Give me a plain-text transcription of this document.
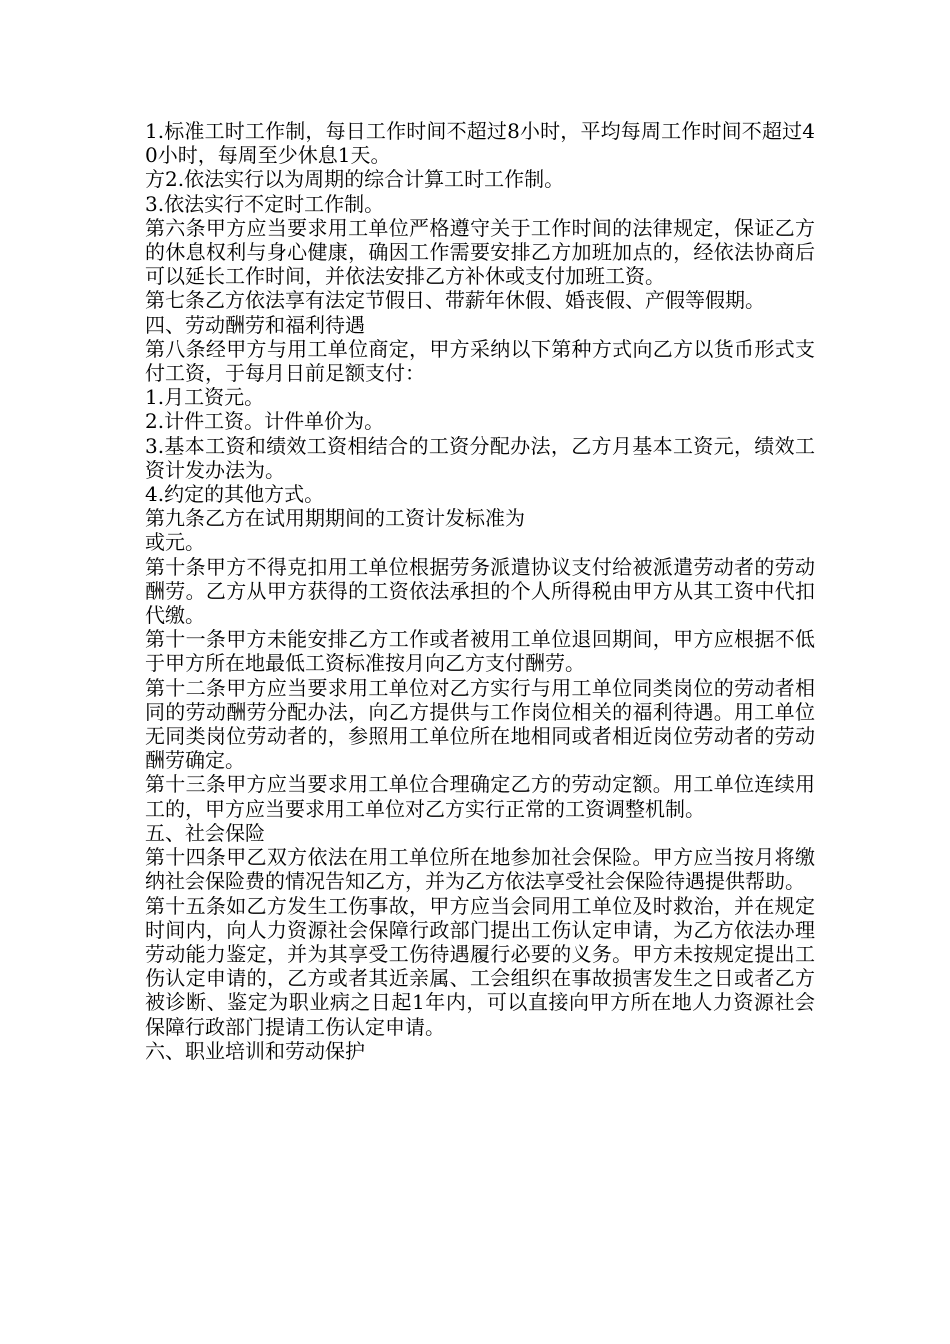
1.标准工时工作制，每日工作时间不超过8小时，平均每周工作时间不超过40小时，每周至少休息1天。

方2.依法实行以为周期的综合计算工时工作制。

3.依法实行不定时工作制。

第六条甲方应当要求用工单位严格遵守关于工作时间的法律规定，保证乙方的休息权利与身心健康，确因工作需要安排乙方加班加点的，经依法协商后可以延长工作时间，并依法安排乙方补休或支付加班工资。

第七条乙方依法享有法定节假日、带薪年休假、婚丧假、产假等假期。

四、劳动酬劳和福利待遇

第八条经甲方与用工单位商定，甲方采纳以下第种方式向乙方以货币形式支付工资，于每月日前足额支付：

1.月工资元。

2.计件工资。计件单价为。

3.基本工资和绩效工资相结合的工资分配办法，乙方月基本工资元，绩效工资计发办法为。

4.约定的其他方式。

第九条乙方在试用期期间的工资计发标准为

或元。

第十条甲方不得克扣用工单位根据劳务派遣协议支付给被派遣劳动者的劳动酬劳。乙方从甲方获得的工资依法承担的个人所得税由甲方从其工资中代扣代缴。

第十一条甲方未能安排乙方工作或者被用工单位退回期间，甲方应根据不低于甲方所在地最低工资标准按月向乙方支付酬劳。

第十二条甲方应当要求用工单位对乙方实行与用工单位同类岗位的劳动者相同的劳动酬劳分配办法，向乙方提供与工作岗位相关的福利待遇。用工单位无同类岗位劳动者的，参照用工单位所在地相同或者相近岗位劳动者的劳动酬劳确定。

第十三条甲方应当要求用工单位合理确定乙方的劳动定额。用工单位连续用工的，甲方应当要求用工单位对乙方实行正常的工资调整机制。

五、社会保险

第十四条甲乙双方依法在用工单位所在地参加社会保险。甲方应当按月将缴纳社会保险费的情况告知乙方，并为乙方依法享受社会保险待遇提供帮助。

第十五条如乙方发生工伤事故，甲方应当会同用工单位及时救治，并在规定时间内，向人力资源社会保障行政部门提出工伤认定申请，为乙方依法办理劳动能力鉴定，并为其享受工伤待遇履行必要的义务。甲方未按规定提出工伤认定申请的，乙方或者其近亲属、工会组织在事故损害发生之日或者乙方被诊断、鉴定为职业病之日起1年内，可以直接向甲方所在地人力资源社会保障行政部门提请工伤认定申请。

六、职业培训和劳动保护
